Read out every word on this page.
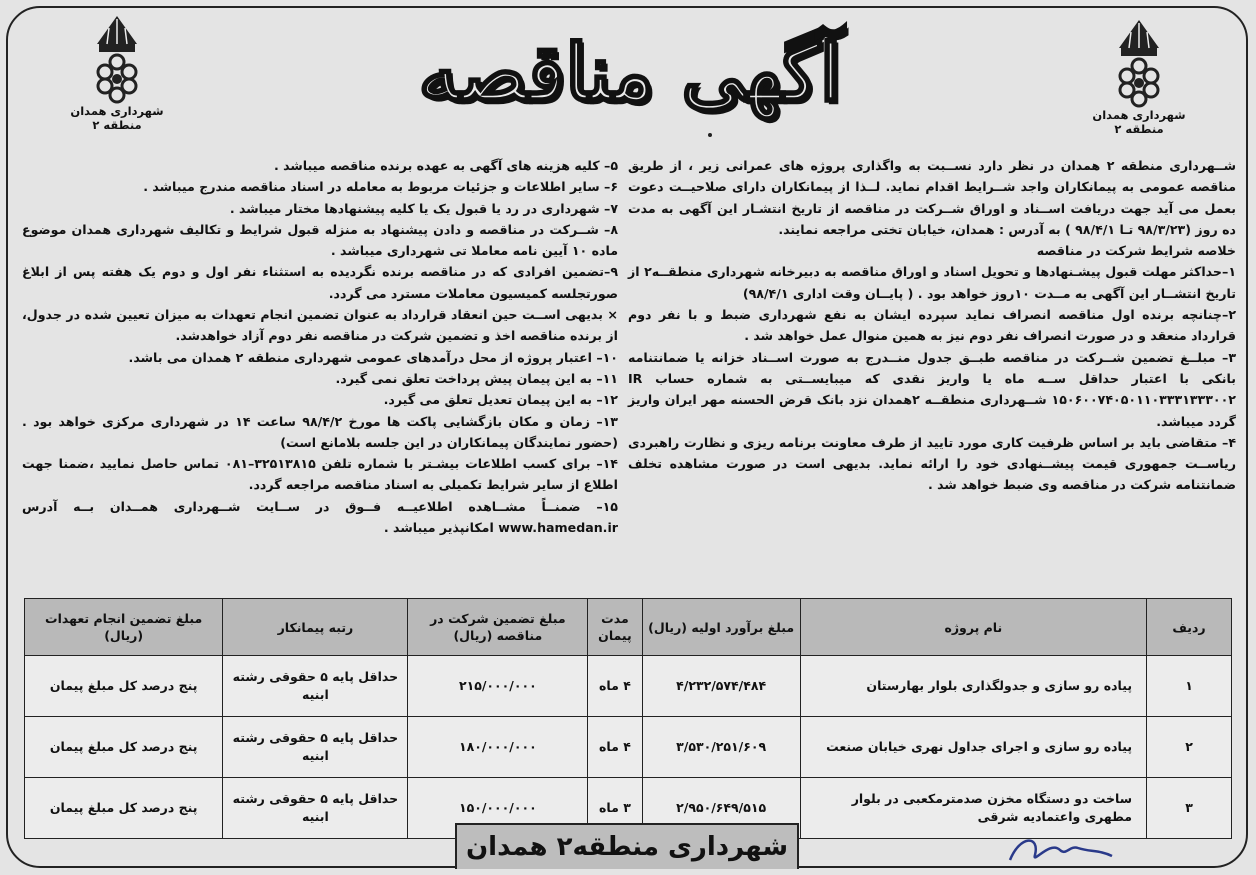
شهرداری همدان
منطقه ۲
شهرداری همدان
منطقه ۲
آگهی مناقصه

شــهرداری منطقه ۲ همدان در نظر دارد نســبت به واگذاری پروژه های عمرانی زیر ، از طریق مناقصه عمومی به پیمانکاران واجد شــرایط اقدام نماید. لــذا از پیمانکاران دارای صلاحیــت دعوت بعمل می آید جهت دریافت اســناد و اوراق شــرکت در مناقصه از تاریخ انتشـار این آگهی به مدت ده روز (۹۸/۳/۲۳ تـا ۹۸/۴/۱ ) به آدرس : همدان، خیابان تختی مراجعه نمایند.

خلاصه شرایط شرکت در مناقصه

۱–حداکثر مهلت قبول پیشـنهادها و تحویل اسناد و اوراق مناقصه به دبیرخانه شهرداری منطقــه۲ از تاریخ انتشــار این آگهی به مــدت ۱۰روز خواهد بود . ( پایــان وقت اداری ۹۸/۴/۱)

۲–چنانچه برنده اول مناقصه انصراف نماید سپرده ایشان به نفع شهرداری ضبط و با نفر دوم قرارداد منعقد و در صورت انصراف نفر دوم نیز به همین منوال عمل خواهد شد .

۳– مبلــغ تضمین شــرکت در مناقصه طبــق جدول منــدرج به صورت اســناد خزانه یا ضمانتنامه بانکی با اعتبار حداقل ســه ماه یا واریز نقدی که میبایســتی به شماره حساب IR ۱۵۰۶۰۰۷۴۰۵۰۱۱۰۳۳۳۱۳۳۳۰۰۲ شــهرداری منطقــه ۲همدان نزد بانک قرض الحسنه مهر ایران واریز گردد میباشد.

۴– متقاضی باید بر اساس ظرفیت کاری مورد تایید از طرف معاونت برنامه ریزی و نظارت راهبردی ریاســت جمهوری قیمت پیشــنهادی خود را ارائه نماید. بدیهی است در صورت مشاهده تخلف ضمانتنامه شرکت در مناقصه وی ضبط خواهد شد .

۵– کلیه هزینه های آگهی به عهده برنده مناقصه میباشد .

۶– سایر اطلاعات و جزئیات مربوط به معامله در اسناد مناقصه مندرج میباشد .

۷– شهرداری در رد یا قبول یک یا کلیه پیشنهادها مختار میباشد .

۸– شــرکت در مناقصه و دادن پیشنهاد به منزله قبول شرایط و تکالیف شهرداری همدان موضوع ماده ۱۰ آیین نامه معاملا تی شهرداری میباشد .

۹–تضمین افرادی که در مناقصه برنده نگردیده به استثناء نفر اول و دوم یک هفته پس از ابلاغ صورتجلسه کمیسیون معاملات مسترد می گردد.

× بدیهی اســت حین انعقاد قرارداد به عنوان تضمین انجام تعهدات به میزان تعیین شده در جدول، از برنده مناقصه اخذ و تضمین شرکت در مناقصه نفر دوم آزاد خواهدشد.

۱۰– اعتبار پروژه از محل درآمدهای عمومی شهرداری منطقه ۲ همدان می باشد.

۱۱– به این پیمان پیش پرداخت تعلق نمی گیرد.

۱۲– به این پیمان تعدیل تعلق می گیرد.

۱۳– زمان و مکان بازگشایی پاکت ها مورخ ۹۸/۴/۲ ساعت ۱۴ در شهرداری مرکزی خواهد بود .(حضور نمایندگان پیمانکاران در این جلسه بلامانع است)

۱۴– برای کسب اطلاعات بیشـتر با شماره تلفن ۳۲۵۱۳۸۱۵–۰۸۱ تماس حاصل نمایید ،ضمنا جهت اطلاع از سایر شرایط تکمیلی به اسناد مناقصه مراجعه گردد.

۱۵– ضمنــاً مشــاهده اطلاعیــه فــوق در ســایت شــهرداری همــدان بــه آدرس www.hamedan.ir امکانپذیر میباشد .

ردیف	نام پروژه	مبلغ برآورد اولیه (ریال)	مدت پیمان	مبلغ تضمین شرکت در مناقصه (ریال)	رتبه پیمانکار	مبلغ تضمین انجام تعهدات (ریال)
۱	پیاده رو سازی و جدولگذاری بلوار بهارستان	۴/۲۳۲/۵۷۴/۴۸۴	۴ ماه	۲۱۵/۰۰۰/۰۰۰	حداقل پایه ۵ حقوقی رشته ابنیه	پنج درصد کل مبلغ پیمان
۲	پیاده رو سازی و اجرای جداول نهری خیابان صنعت	۳/۵۳۰/۲۵۱/۶۰۹	۴ ماه	۱۸۰/۰۰۰/۰۰۰	حداقل پایه ۵ حقوقی رشته ابنیه	پنج درصد کل مبلغ پیمان
۳	ساخت دو دستگاه مخزن صدمترمکعبی در بلوار مطهری واعتمادیه شرقی	۲/۹۵۰/۶۴۹/۵۱۵	۳ ماه	۱۵۰/۰۰۰/۰۰۰	حداقل پایه ۵ حقوقی رشته ابنیه	پنج درصد کل مبلغ پیمان
شهرداری منطقه۲ همدان
